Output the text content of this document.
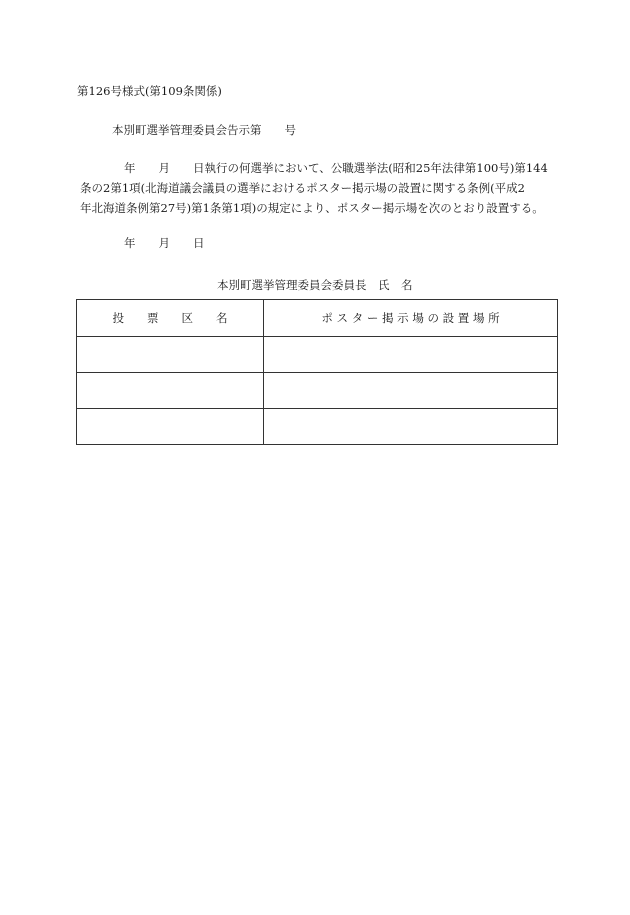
第126号様式(第109条関係)
本別町選挙管理委員会告示第　　号
年　　月　　日執行の何選挙において、公職選挙法(昭和25年法律第100号)第144
条の2第1項(北海道議会議員の選挙におけるポスター掲示場の設置に関する条例(平成2
年北海道条例第27号)第1条第1項)の規定により、ポスター掲示場を次のとおり設置する。
年　　月　　日
本別町選挙管理委員会委員長　氏　名
投　　票　　区　　名	ポ ス タ ー 掲 示 場 の 設 置 場 所
